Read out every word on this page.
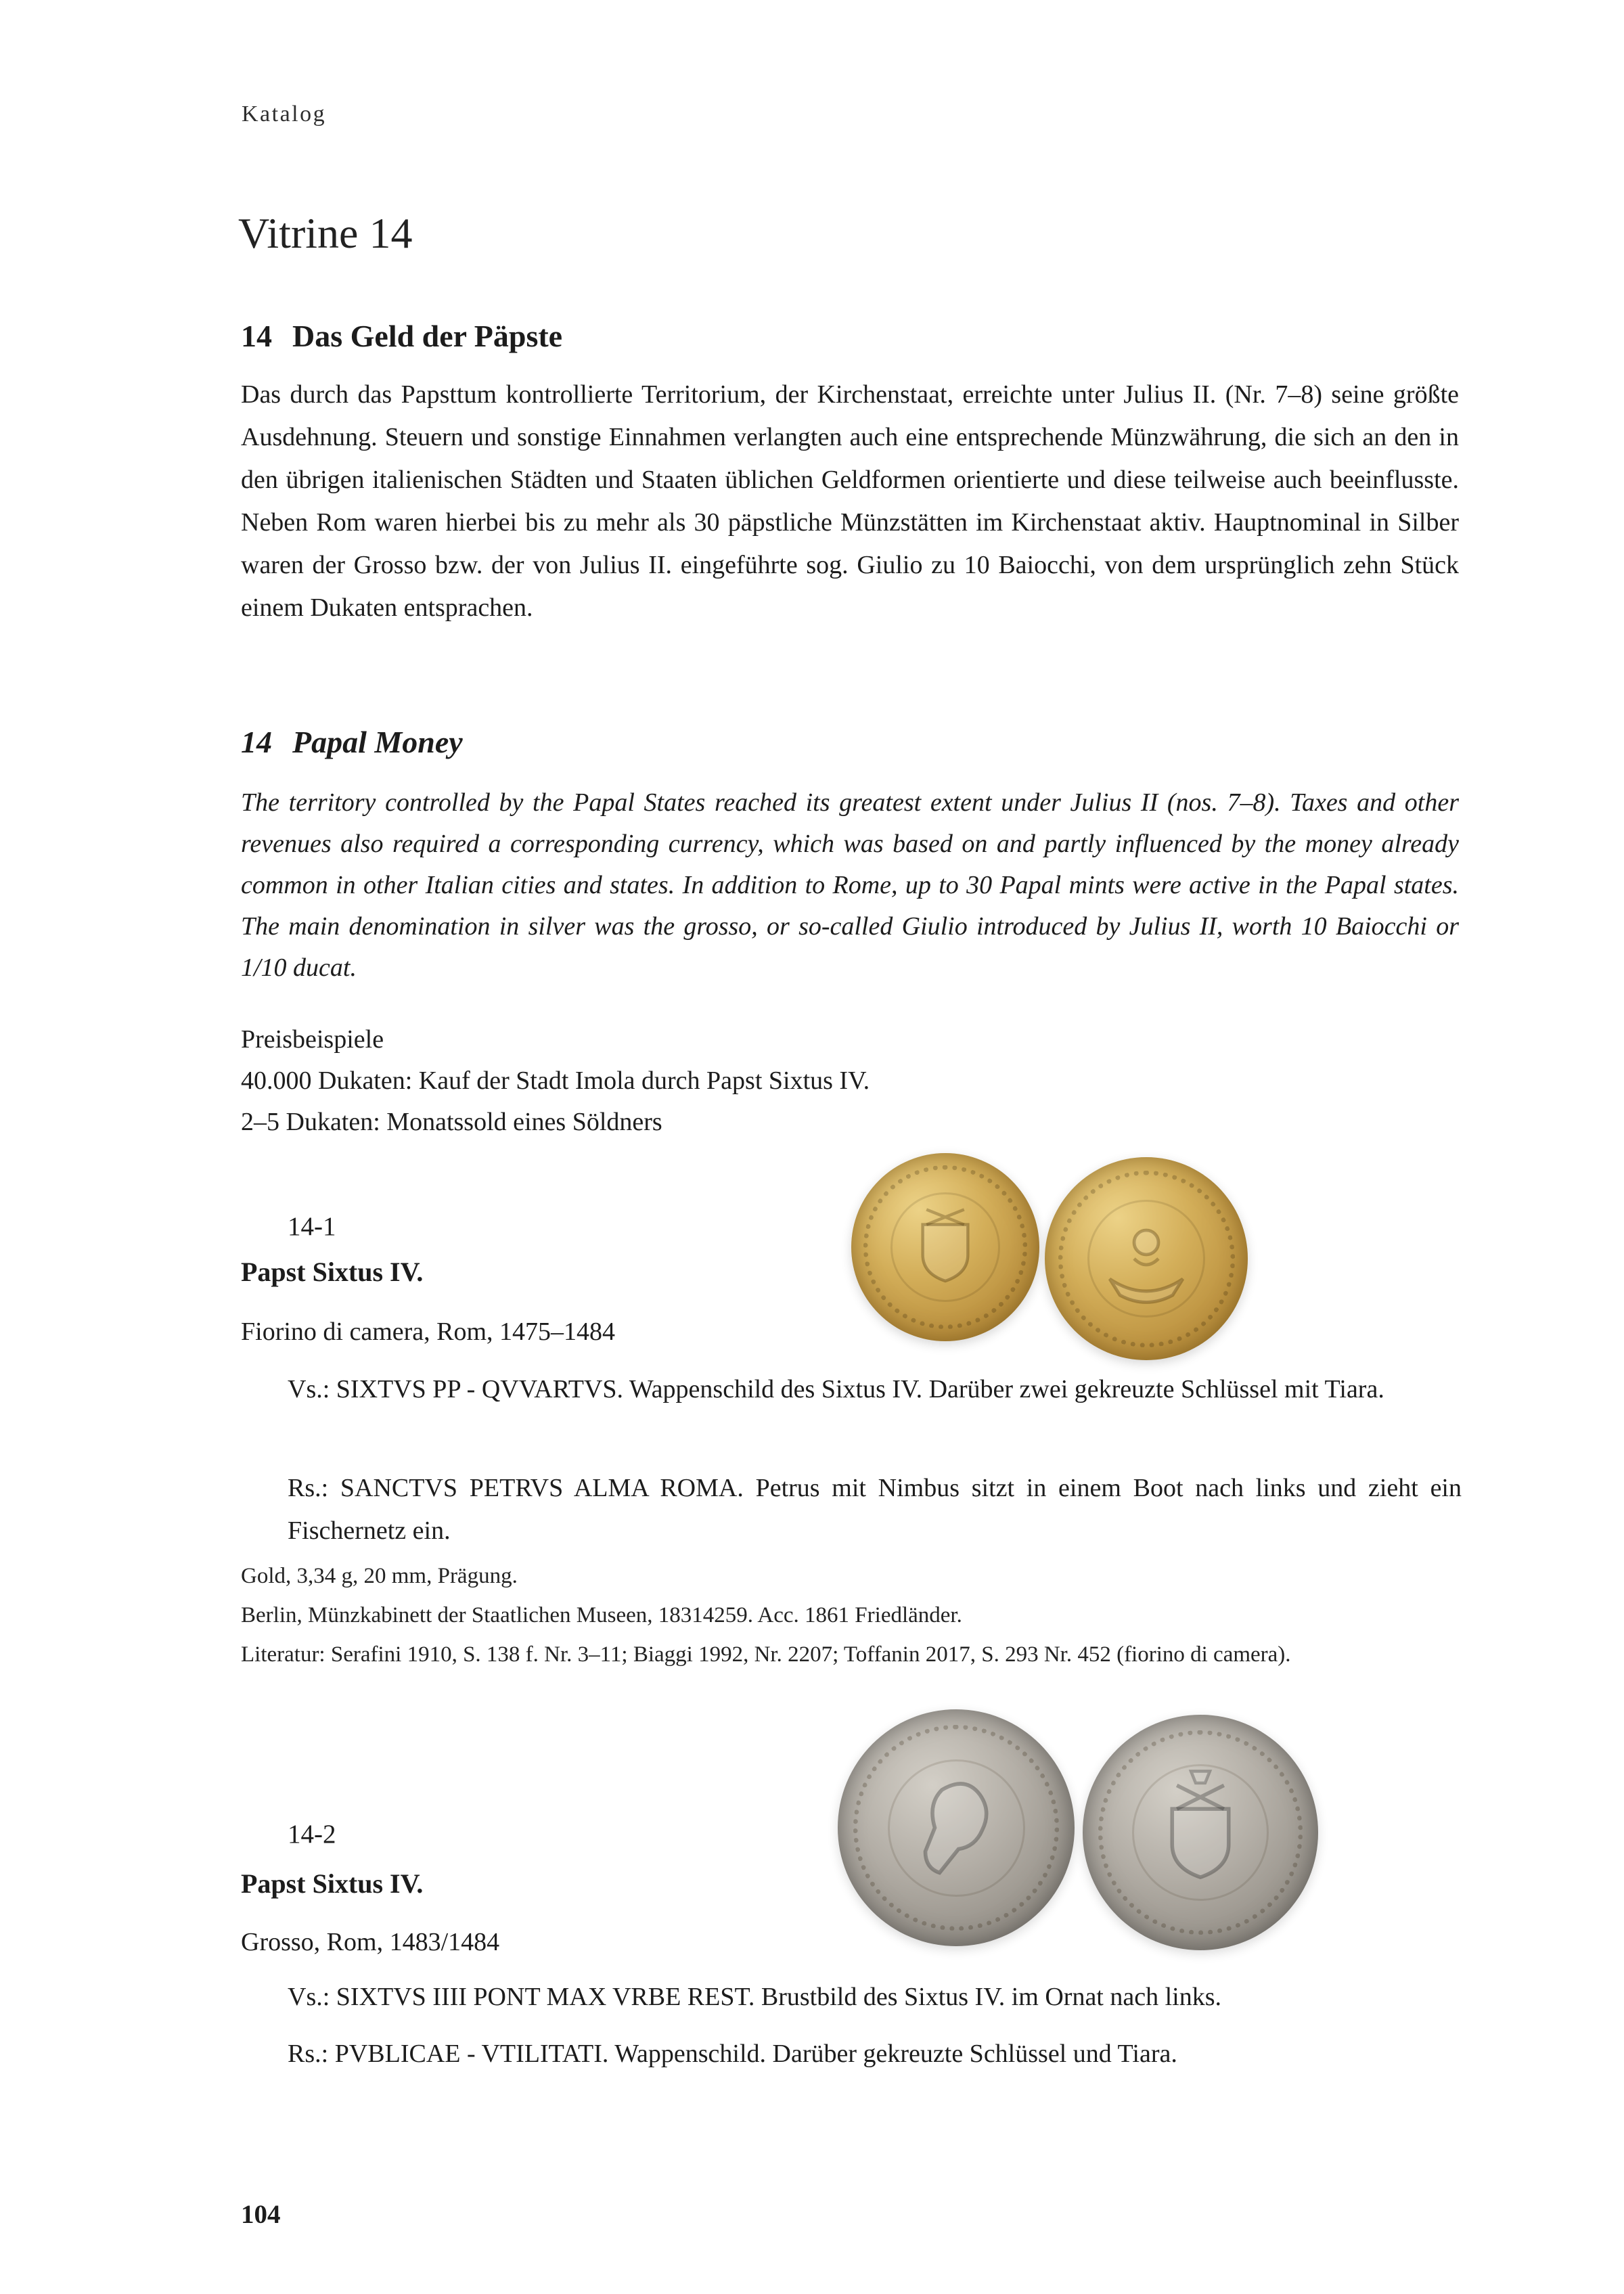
Katalog
Vitrine 14
14 Das Geld der Päpste

Das durch das Papsttum kontrollierte Territorium, der Kirchenstaat, erreichte unter Julius II. (Nr. 7–8) seine größte Ausdehnung. Steuern und sonstige Einnahmen verlangten auch eine entsprechende Münzwährung, die sich an den in den übrigen italienischen Städten und Staaten üblichen Geldformen orientierte und diese teilweise auch beeinflusste. Neben Rom waren hierbei bis zu mehr als 30 päpstliche Münzstätten im Kirchenstaat aktiv. Hauptnominal in Silber waren der Grosso bzw. der von Julius II. eingeführte sog. Giulio zu 10 Baiocchi, von dem ursprünglich zehn Stück einem Dukaten entsprachen.

14 Papal Money

The territory controlled by the Papal States reached its greatest extent under Julius II (nos. 7–8). Taxes and other revenues also required a corresponding currency, which was based on and partly influenced by the money already common in other Italian cities and states. In addition to Rome, up to 30 Papal mints were active in the Papal states. The main denomination in silver was the grosso, or so-called Giulio introduced by Julius II, worth 10 Baiocchi or 1/10 ducat.

Preisbeispiele
40.000 Dukaten: Kauf der Stadt Imola durch Papst Sixtus IV.
2–5 Dukaten: Monatssold eines Söldners
14-1
Papst Sixtus IV.
Fiorino di camera, Rom, 1475–1484

Vs.: SIXTVS PP - QVVARTVS. Wappenschild des Sixtus IV. Darüber zwei gekreuzte Schlüssel mit Tiara.

Rs.: SANCTVS PETRVS ALMA ROMA. Petrus mit Nimbus sitzt in einem Boot nach links und zieht ein Fischernetz ein.

Gold, 3,34 g, 20 mm, Prägung.
Berlin, Münzkabinett der Staatlichen Museen, 18314259. Acc. 1861 Friedländer.
Literatur: Serafini 1910, S. 138 f. Nr. 3–11; Biaggi 1992, Nr. 2207; Toffanin 2017, S. 293 Nr. 452 (fiorino di camera).
14-2
Papst Sixtus IV.
Grosso, Rom, 1483/1484

Vs.: SIXTVS IIII PONT MAX VRBE REST. Brustbild des Sixtus IV. im Ornat nach links.

Rs.: PVBLICAE - VTILITATI. Wappenschild. Darüber gekreuzte Schlüssel und Tiara.

104
